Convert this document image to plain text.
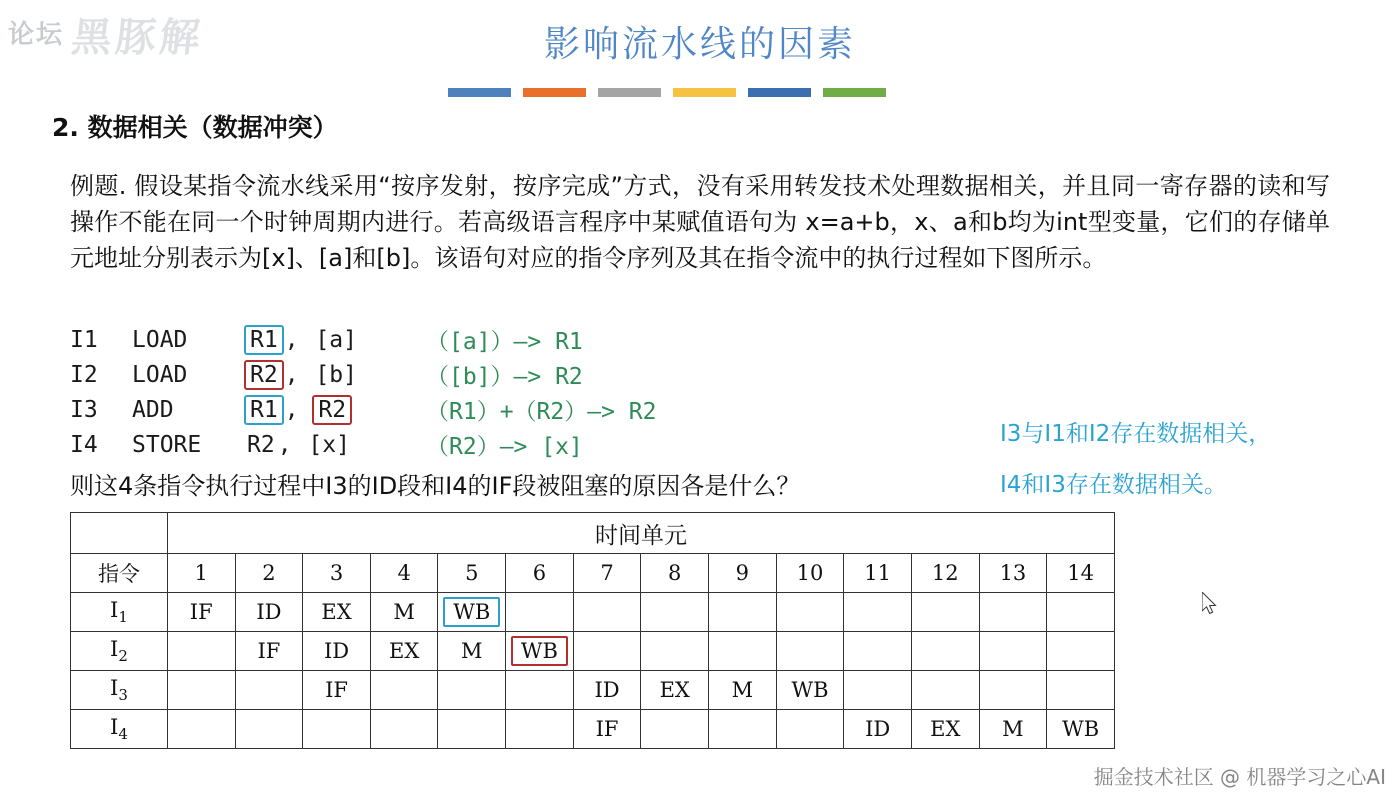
论坛 黑豚解
掘金技术社区 @ 机器学习之心AI
影响流水线的因素
2. 数据相关（数据冲突）
例题. 假设某指令流水线采用“按序发射，按序完成”方式，没有采用转发技术处理数据相关，并且同一寄存器的读和写操作不能在同一个时钟周期内进行。若高级语言程序中某赋值语句为 x=a+b，x、a和b均为int型变量，它们的存储单元地址分别表示为[x]、[a]和[b]。该语句对应的指令序列及其在指令流中的执行过程如下图所示。
I1	LOAD	R1 , [a]	（[a]）—> R1
I2	LOAD	R2 , [b]	（[b]）—> R2
I3	ADD	R1 , R2	（R1）+（R2）—> R2
I4	STORE	R2 , [x]	（R2）—> [x]
则这4条指令执行过程中I3的ID段和I4的IF段被阻塞的原因各是什么？
I3与I1和I2存在数据相关，
I4和I3存在数据相关。
	时间单元													
指令	1	2	3	4	5	6	7	8	9	10	11	12	13	14
$I_1$	IF	ID	EX	M	WB									
$I_2$		IF	ID	EX	M	WB								
$I_3$			IF				ID	EX	M	WB				
$I_4$							IF				ID	EX	M	WB
